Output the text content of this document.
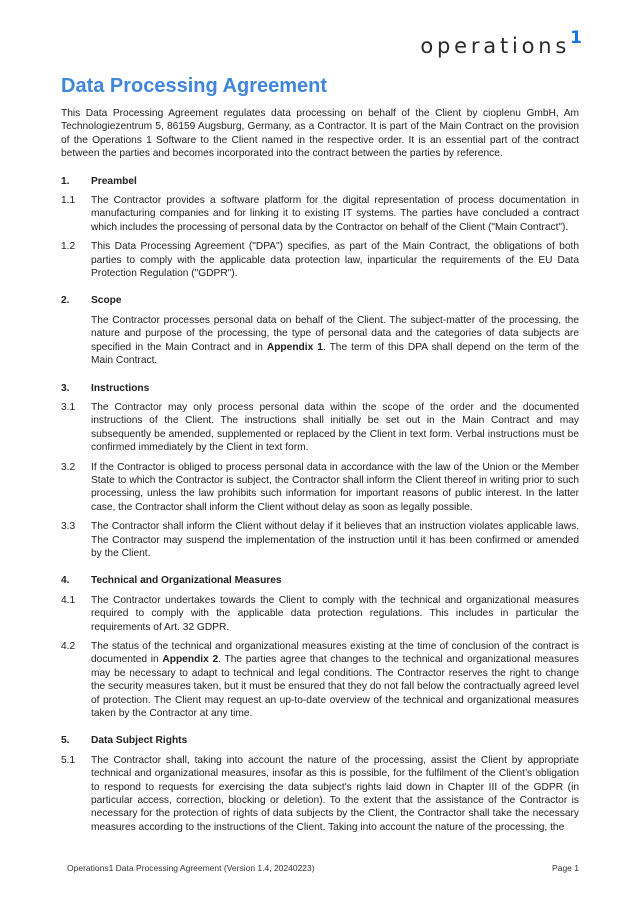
operations$^1$
Data Processing Agreement

This Data Processing Agreement regulates data processing on behalf of the Client by cioplenu GmbH, Am Technologiezentrum 5, 86159 Augsburg, Germany, as a Contractor. It is part of the Main Contract on the provision of the Operations 1 Software to the Client named in the respective order. It is an essential part of the contract between the parties and becomes incorporated into the contract between the parties by reference.

1.	Preambel
1.1	The Contractor provides a software platform for the digital representation of process documentation in manufacturing companies and for linking it to existing IT systems. The parties have concluded a contract which includes the processing of personal data by the Contractor on behalf of the Client ("Main Contract").
1.2	This Data Processing Agreement ("DPA") specifies, as part of the Main Contract, the obligations of both parties to comply with the applicable data protection law, inparticular the requirements of the EU Data Protection Regulation ("GDPR").
2.	Scope
The Contractor processes personal data on behalf of the Client. The subject-matter of the processing, the nature and purpose of the processing, the type of personal data and the categories of data subjects are specified in the Main Contract and in Appendix 1. The term of this DPA shall depend on the term of the Main Contract.
3.	Instructions
3.1	The Contractor may only process personal data within the scope of the order and the documented instructions of the Client. The instructions shall initially be set out in the Main Contract and may subsequently be amended, supplemented or replaced by the Client in text form. Verbal instructions must be confirmed immediately by the Client in text form.
3.2	If the Contractor is obliged to process personal data in accordance with the law of the Union or the Member State to which the Contractor is subject, the Contractor shall inform the Client thereof in writing prior to such processing, unless the law prohibits such information for important reasons of public interest. In the latter case, the Contractor shall inform the Client without delay as soon as legally possible.
3.3	The Contractor shall inform the Client without delay if it believes that an instruction violates applicable laws. The Contractor may suspend the implementation of the instruction until it has been confirmed or amended by the Client.
4.	Technical and Organizational Measures
4.1	The Contractor undertakes towards the Client to comply with the technical and organizational measures required to comply with the applicable data protection regulations. This includes in particular the requirements of Art. 32 GDPR.
4.2	The status of the technical and organizational measures existing at the time of conclusion of the contract is documented in Appendix 2. The parties agree that changes to the technical and organizational measures may be necessary to adapt to technical and legal conditions. The Contractor reserves the right to change the security measures taken, but it must be ensured that they do not fall below the contractually agreed level of protection. The Client may request an up-to-date overview of the technical and organizational measures taken by the Contractor at any time.
5.	Data Subject Rights
5.1	The Contractor shall, taking into account the nature of the processing, assist the Client by appropriate technical and organizational measures, insofar as this is possible, for the fulfilment of the Client’s obligation to respond to requests for exercising the data subject's rights laid down in Chapter III of the GDPR (in particular access, correction, blocking or deletion). To the extent that the assistance of the Contractor is necessary for the protection of rights of data subjects by the Client, the Contractor shall take the necessary measures according to the instructions of the Client. Taking into account the nature of the processing, the
Operations1 Data Processing Agreement (Version 1.4, 20240223)	Page 1
